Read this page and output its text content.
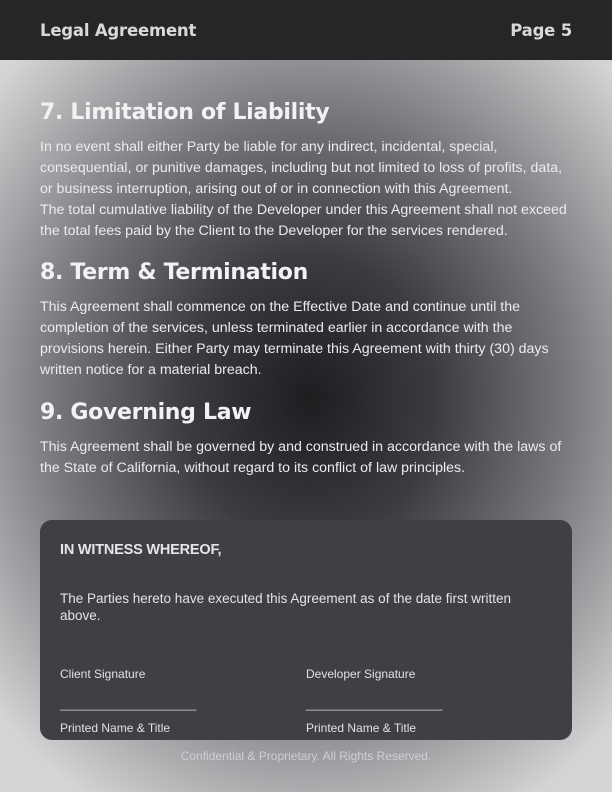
Legal Agreement	Page 5
7. Limitation of Liability

In no event shall either Party be liable for any indirect, incidental, special, consequential, or punitive damages, including but not limited to loss of profits, data, or business interruption, arising out of or in connection with this Agreement.

The total cumulative liability of the Developer under this Agreement shall not exceed the total fees paid by the Client to the Developer for the services rendered.

8. Term & Termination

This Agreement shall commence on the Effective Date and continue until the completion of the services, unless terminated earlier in accordance with the provisions herein. Either Party may terminate this Agreement with thirty (30) days written notice for a material breach.

9. Governing Law

This Agreement shall be governed by and construed in accordance with the laws of the State of California, without regard to its conflict of law principles.

IN WITNESS WHEREOF,
The Parties hereto have executed this Agreement as of the date first written above.
Client Signature
______________________
Printed Name & Title
Developer Signature
______________________
Printed Name & Title
Confidential & Proprietary. All Rights Reserved.
